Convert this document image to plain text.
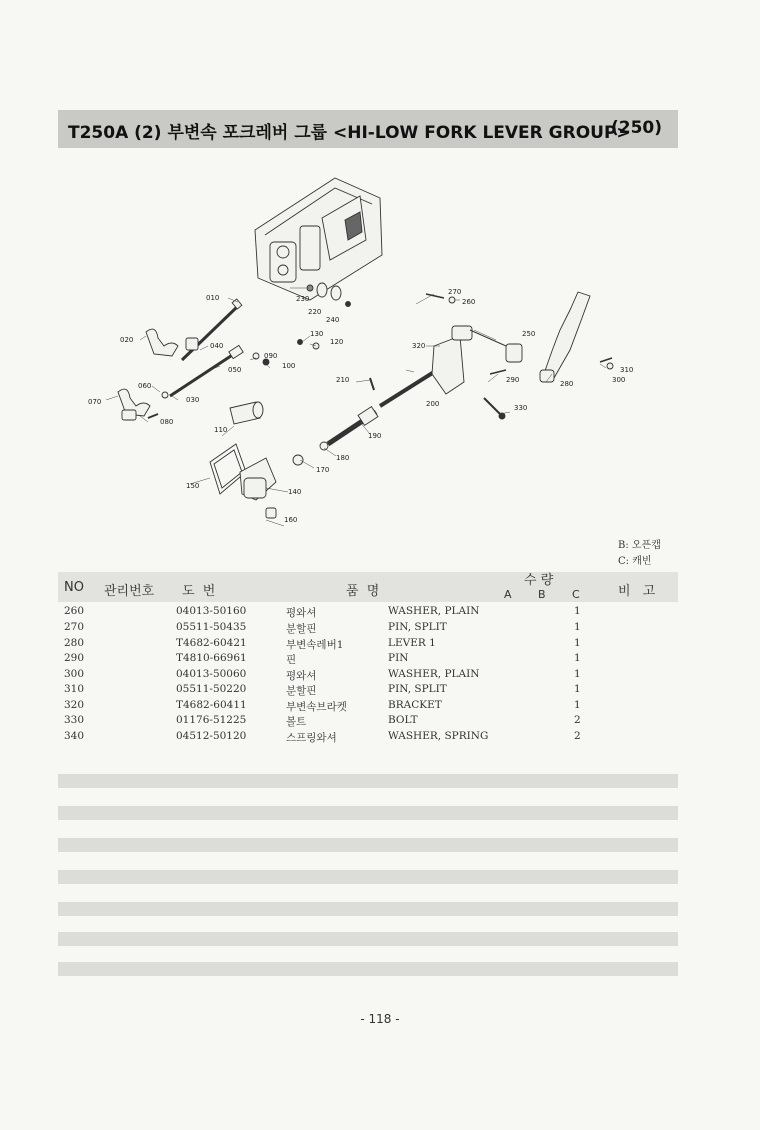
T250A (2) 부변속 포크레버 그룹 <HI-LOW FORK LEVER GROUP>
(250)
010
020
040
050
060
070
080
090
100
030
110
120
130
140
150
160
170
180
190
200
210
220
230
240
250
260
270
280
290	300
310
320
330
B: 오픈캡
C: 캐빈
NO 관리번호 도 번	품 명
수 량
A B C	비 고
260	04013-50160	평와셔	WASHER, PLAIN	1
270	05511-50435	분할핀	PIN, SPLIT	1
280	T4682-60421	부변속레버1	LEVER 1	1
290	T4810-66961	핀	PIN	1
300	04013-50060	평와셔	WASHER, PLAIN	1
310	05511-50220	분할핀	PIN, SPLIT	1
320	T4682-60411	부변속브라켓	BRACKET	1
330	01176-51225	볼트	BOLT	2
340	04512-50120	스프링와셔	WASHER, SPRING	2
- 118 -
